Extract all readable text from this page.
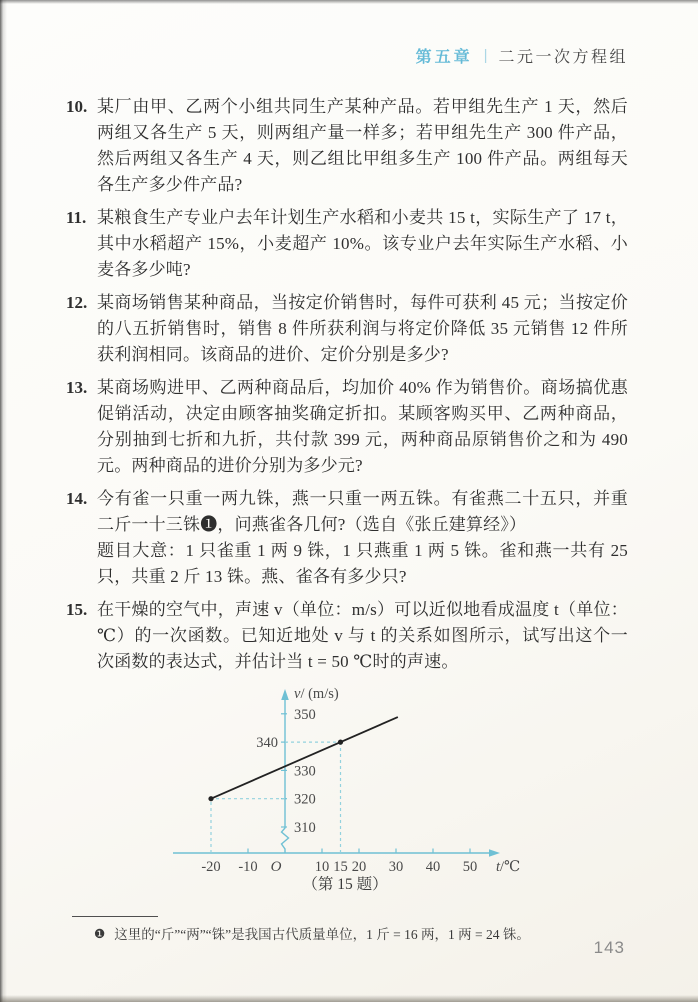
第五章 | 二元一次方程组
10. 某厂由甲、乙两个小组共同生产某种产品。若甲组先生产 1 天，然后两组又各生产 5 天，则两组产量一样多；若甲组先生产 300 件产品，然后两组又各生产 4 天，则乙组比甲组多生产 100 件产品。两组每天各生产多少件产品?

11. 某粮食生产专业户去年计划生产水稻和小麦共 15 t，实际生产了 17 t，其中水稻超产 15%，小麦超产 10%。该专业户去年实际生产水稻、小麦各多少吨?

12. 某商场销售某种商品，当按定价销售时，每件可获利 45 元；当按定价的八五折销售时，销售 8 件所获利润与将定价降低 35 元销售 12 件所获利润相同。该商品的进价、定价分别是多少?

13. 某商场购进甲、乙两种商品后，均加价 40% 作为销售价。商场搞优惠促销活动，决定由顾客抽奖确定折扣。某顾客购买甲、乙两种商品，分别抽到七折和九折，共付款 399 元，两种商品原销售价之和为 490 元。两种商品的进价分别为多少元?

14. 今有雀一只重一两九铢，燕一只重一两五铢。有雀燕二十五只，并重二斤一十三铢❶，问燕雀各几何?（选自《张丘建算经》）

题目大意：1 只雀重 1 两 9 铢，1 只燕重 1 两 5 铢。雀和燕一共有 25 只，共重 2 斤 13 铢。燕、雀各有多少只?

15. 在干燥的空气中，声速 v（单位：m/s）可以近似地看成温度 t（单位：℃）的一次函数。已知近地处 v 与 t 的关系如图所示，试写出这个一次函数的表达式，并估计当 t = 50 ℃时的声速。

310
320
330
340
350
-20 -10	10 15 20 30 40 50
O	t/℃
v/ (m/s)
（第 15 题）
❶ 这里的“斤”“两”“铢”是我国古代质量单位，1 斤 = 16 两，1 两 = 24 铢。
143
